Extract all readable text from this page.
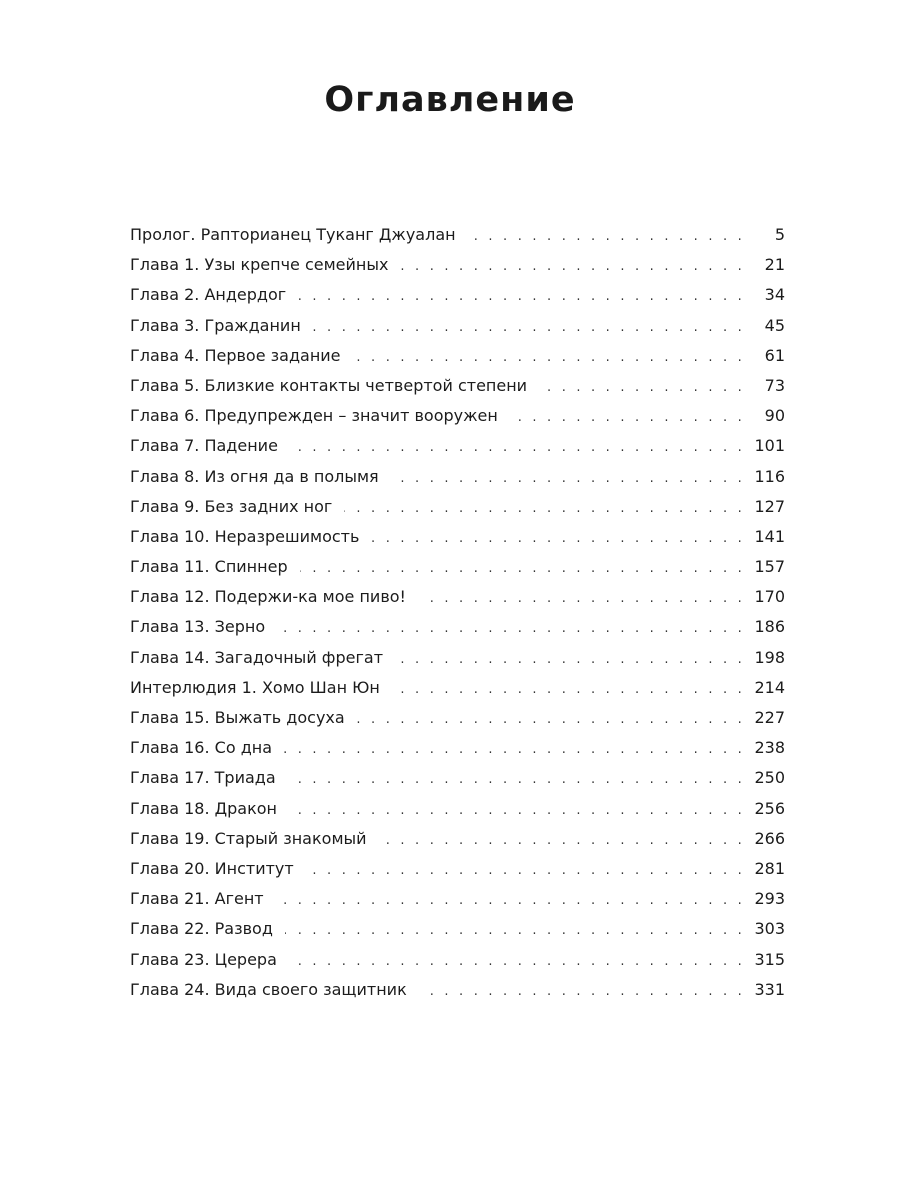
Оглавление
Пролог. Рапторианец Туканг Джуалан . . .	5
Глава 1. Узы крепче семейных . . .	21
Глава 2. Андердог . . .	34
Глава 3. Гражданин . . .	45
Глава 4. Первое задание . . .	61
Глава 5. Близкие контакты четвертой степени . . .	73
Глава 6. Предупрежден – значит вооружен . . .	90
Глава 7. Падение . . .	101
Глава 8. Из огня да в полымя . . .	116
Глава 9. Без задних ног . . .	127
Глава 10. Неразрешимость . . .	141
Глава 11. Спиннер . . .	157
Глава 12. Подержи-ка мое пиво! . . .	170
Глава 13. Зерно . . .	186
Глава 14. Загадочный фрегат . . .	198
Интерлюдия 1. Хомо Шан Юн . . .	214
Глава 15. Выжать досуха . . .	227
Глава 16. Со дна . . .	238
Глава 17. Триада . . .	250
Глава 18. Дракон . . .	256
Глава 19. Старый знакомый . . .	266
Глава 20. Институт . . .	281
Глава 21. Агент . . .	293
Глава 22. Развод . . .	303
Глава 23. Церера . . .	315
Глава 24. Вида своего защитник . . .	331
